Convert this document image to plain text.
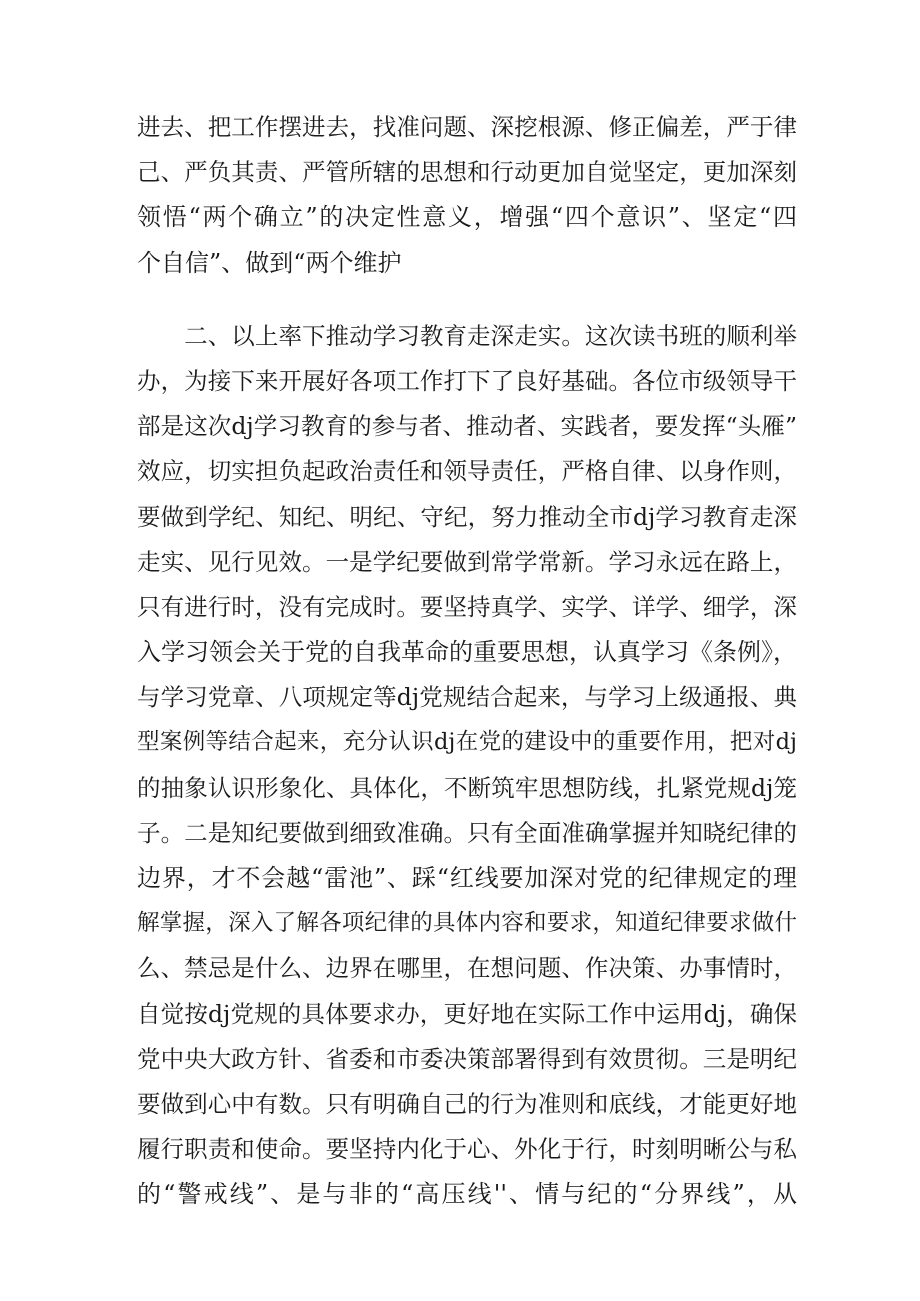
进去、把工作摆进去，找准问题、深挖根源、修正偏差，严于律
己、严负其责、严管所辖的思想和行动更加自觉坚定，更加深刻
领悟“两个确立”的决定性意义，增强“四个意识”、坚定“四
个自信”、做到“两个维护
　　二、以上率下推动学习教育走深走实。这次读书班的顺利举
办，为接下来开展好各项工作打下了良好基础。各位市级领导干
部是这次dj学习教育的参与者、推动者、实践者，要发挥“头雁”
效应，切实担负起政治责任和领导责任，严格自律、以身作则，
要做到学纪、知纪、明纪、守纪，努力推动全市dj学习教育走深
走实、见行见效。一是学纪要做到常学常新。学习永远在路上，
只有进行时，没有完成时。要坚持真学、实学、详学、细学，深
入学习领会关于党的自我革命的重要思想，认真学习《条例》，
与学习党章、八项规定等dj党规结合起来，与学习上级通报、典
型案例等结合起来，充分认识dj在党的建设中的重要作用，把对dj
的抽象认识形象化、具体化，不断筑牢思想防线，扎紧党规dj笼
子。二是知纪要做到细致准确。只有全面准确掌握并知晓纪律的
边界，才不会越“雷池”、踩“红线要加深对党的纪律规定的理
解掌握，深入了解各项纪律的具体内容和要求，知道纪律要求做什
么、禁忌是什么、边界在哪里，在想问题、作决策、办事情时，
自觉按dj党规的具体要求办，更好地在实际工作中运用dj，确保
党中央大政方针、省委和市委决策部署得到有效贯彻。三是明纪
要做到心中有数。只有明确自己的行为准则和底线，才能更好地
履行职责和使命。要坚持内化于心、外化于行，时刻明晰公与私
的“警戒线”、是与非的“高压线''、情与纪的“分界线”，从
